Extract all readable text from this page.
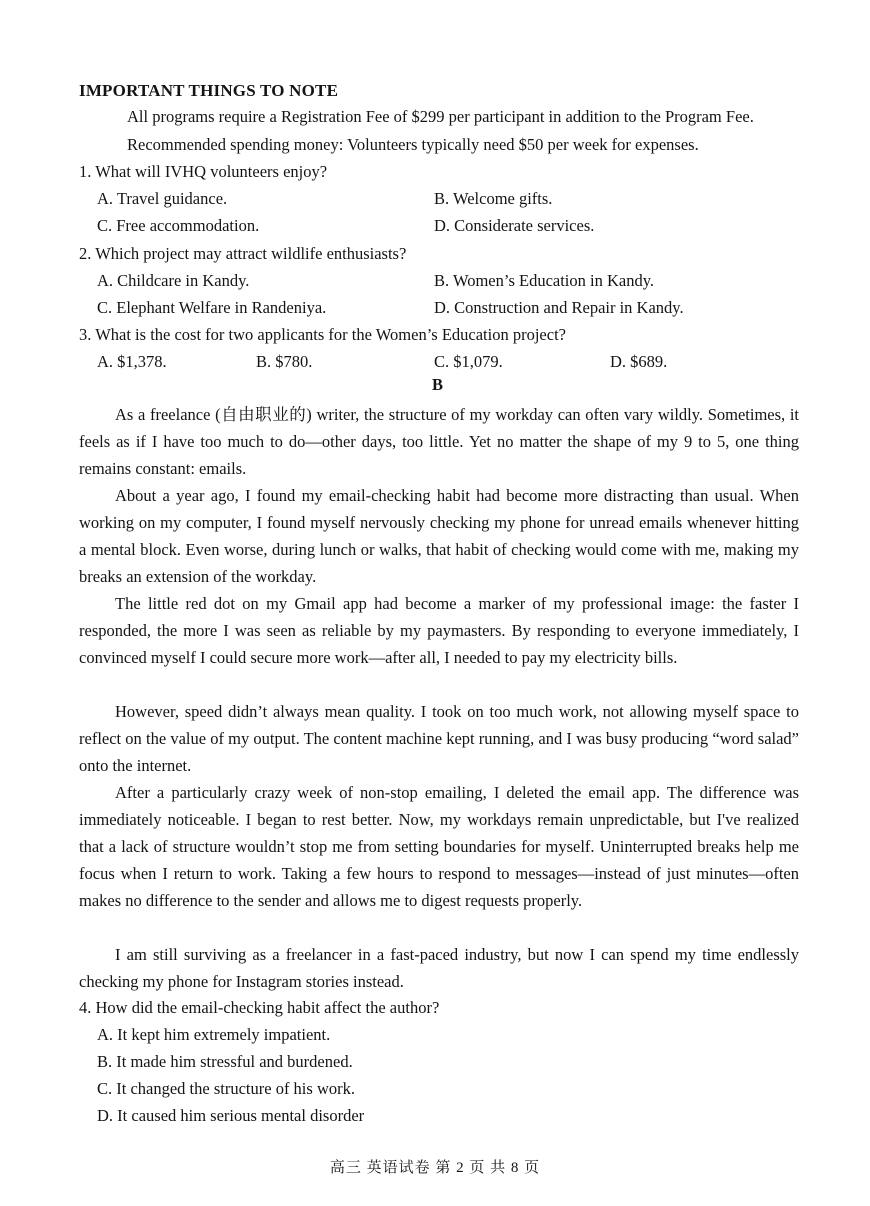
IMPORTANT THINGS TO NOTE
All programs require a Registration Fee of $299 per participant in addition to the Program Fee.
Recommended spending money: Volunteers typically need $50 per week for expenses.
1. What will IVHQ volunteers enjoy?
A. Travel guidance.	B. Welcome gifts.
C. Free accommodation.	D. Considerate services.
2. Which project may attract wildlife enthusiasts?
A. Childcare in Kandy.	B. Women’s Education in Kandy.
C. Elephant Welfare in Randeniya.	D. Construction and Repair in Kandy.
3. What is the cost for two applicants for the Women’s Education project?
A. $1,378.	B. $780.	C. $1,079.	D. $689.
B
As a freelance (自由职业的) writer, the structure of my workday can often vary wildly. Sometimes, it feels as if I have too much to do—other days, too little. Yet no matter the shape of my 9 to 5, one thing remains constant: emails.
About a year ago, I found my email-checking habit had become more distracting than usual. When working on my computer, I found myself nervously checking my phone for unread emails whenever hitting a mental block. Even worse, during lunch or walks, that habit of checking would come with me, making my breaks an extension of the workday.
The little red dot on my Gmail app had become a marker of my professional image: the faster I responded, the more I was seen as reliable by my paymasters. By responding to everyone immediately, I convinced myself I could secure more work—after all, I needed to pay my electricity bills.
However, speed didn’t always mean quality. I took on too much work, not allowing myself space to reflect on the value of my output. The content machine kept running, and I was busy producing “word salad” onto the internet.
After a particularly crazy week of non-stop emailing, I deleted the email app. The difference was immediately noticeable. I began to rest better. Now, my workdays remain unpredictable, but I've realized that a lack of structure wouldn’t stop me from setting boundaries for myself. Uninterrupted breaks help me focus when I return to work. Taking a few hours to respond to messages—instead of just minutes—often makes no difference to the sender and allows me to digest requests properly.
I am still surviving as a freelancer in a fast-paced industry, but now I can spend my time endlessly checking my phone for Instagram stories instead.
4. How did the email-checking habit affect the author?
A. It kept him extremely impatient.
B. It made him stressful and burdened.
C. It changed the structure of his work.
D. It caused him serious mental disorder
高三 英语试卷 第 2 页 共 8 页
